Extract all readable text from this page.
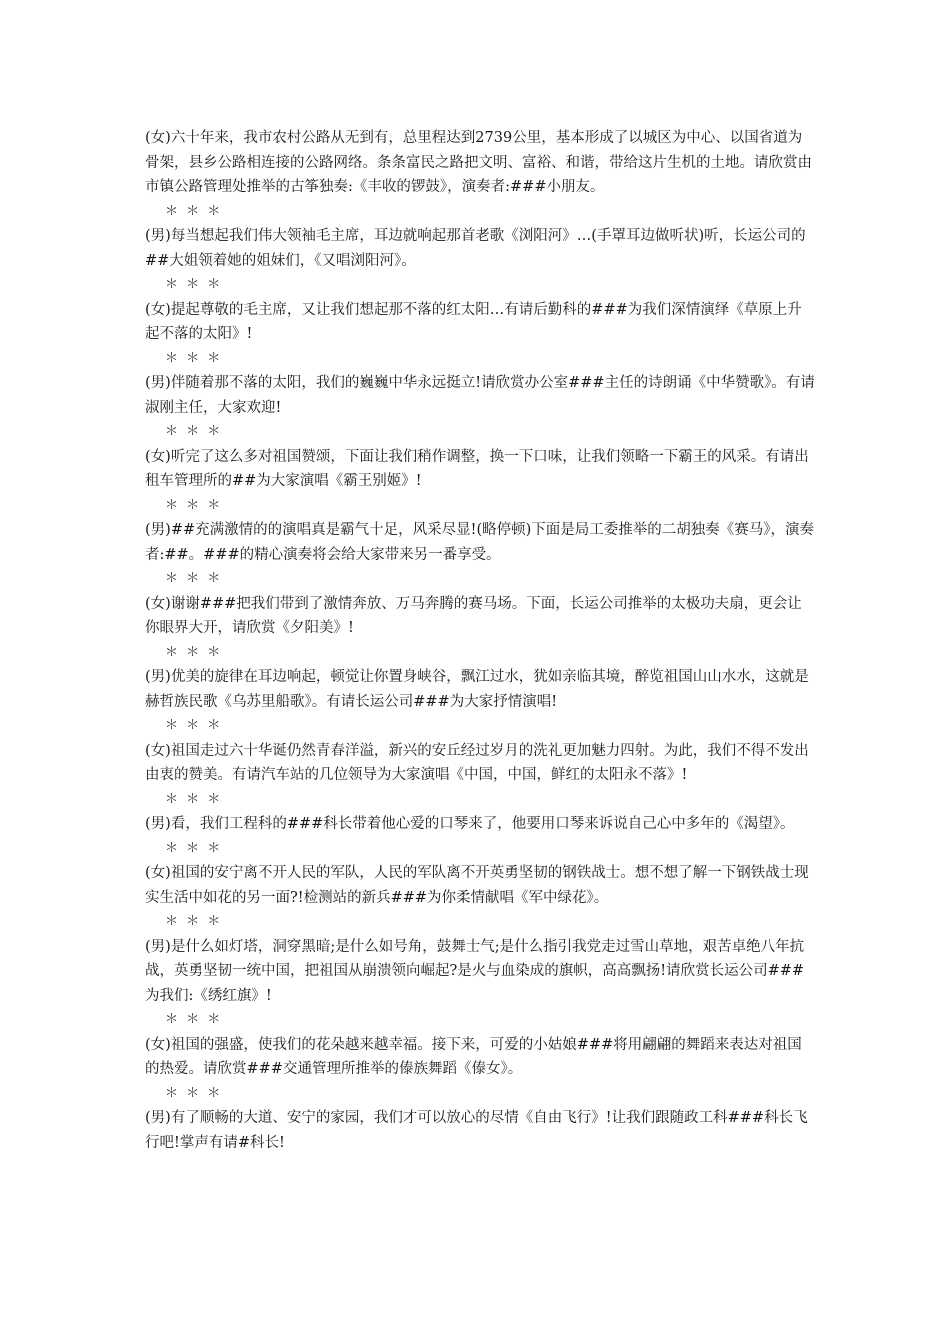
(女)六十年来，我市农村公路从无到有，总里程达到2739公里，基本形成了以城区为中心、以国省道为骨架，县乡公路相连接的公路网络。条条富民之路把文明、富裕、和谐，带给这片生机的土地。请欣赏由市镇公路管理处推举的古筝独奏:《丰收的锣鼓》，演奏者:###小朋友。

＊ ＊ ＊

(男)每当想起我们伟大领袖毛主席，耳边就响起那首老歌《浏阳河》…(手罩耳边做听状)听，长运公司的##大姐领着她的姐妹们，《又唱浏阳河》。

＊ ＊ ＊

(女)提起尊敬的毛主席，又让我们想起那不落的红太阳…有请后勤科的###为我们深情演绎《草原上升起不落的太阳》!

＊ ＊ ＊

(男)伴随着那不落的太阳，我们的巍巍中华永远挺立!请欣赏办公室###主任的诗朗诵《中华赞歌》。有请淑刚主任，大家欢迎!

＊ ＊ ＊

(女)听完了这么多对祖国赞颂，下面让我们稍作调整，换一下口味，让我们领略一下霸王的风采。有请出租车管理所的##为大家演唱《霸王别姬》!

＊ ＊ ＊

(男)##充满激情的的演唱真是霸气十足，风采尽显!(略停顿)下面是局工委推举的二胡独奏《赛马》，演奏者:##。###的精心演奏将会给大家带来另一番享受。

＊ ＊ ＊

(女)谢谢###把我们带到了激情奔放、万马奔腾的赛马场。下面，长运公司推举的太极功夫扇，更会让你眼界大开，请欣赏《夕阳美》!

＊ ＊ ＊

(男)优美的旋律在耳边响起，顿觉让你置身峡谷，飘江过水，犹如亲临其境，醉览祖国山山水水，这就是赫哲族民歌《乌苏里船歌》。有请长运公司###为大家抒情演唱!

＊ ＊ ＊

(女)祖国走过六十华诞仍然青春洋溢，新兴的安丘经过岁月的洗礼更加魅力四射。为此，我们不得不发出由衷的赞美。有请汽车站的几位领导为大家演唱《中国，中国，鲜红的太阳永不落》!

＊ ＊ ＊

(男)看，我们工程科的###科长带着他心爱的口琴来了，他要用口琴来诉说自己心中多年的《渴望》。

＊ ＊ ＊

(女)祖国的安宁离不开人民的军队，人民的军队离不开英勇坚韧的钢铁战士。想不想了解一下钢铁战士现实生活中如花的另一面?!检测站的新兵###为你柔情献唱《军中绿花》。

＊ ＊ ＊

(男)是什么如灯塔，洞穿黑暗;是什么如号角，鼓舞士气;是什么指引我党走过雪山草地，艰苦卓绝八年抗战，英勇坚韧一统中国，把祖国从崩溃领向崛起?是火与血染成的旗帜，高高飘扬!请欣赏长运公司###为我们:《绣红旗》!

＊ ＊ ＊

(女)祖国的强盛，使我们的花朵越来越幸福。接下来，可爱的小姑娘###将用翩翩的舞蹈来表达对祖国的热爱。请欣赏###交通管理所推举的傣族舞蹈《傣女》。

＊ ＊ ＊

(男)有了顺畅的大道、安宁的家园，我们才可以放心的尽情《自由飞行》!让我们跟随政工科###科长飞行吧!掌声有请#科长!
